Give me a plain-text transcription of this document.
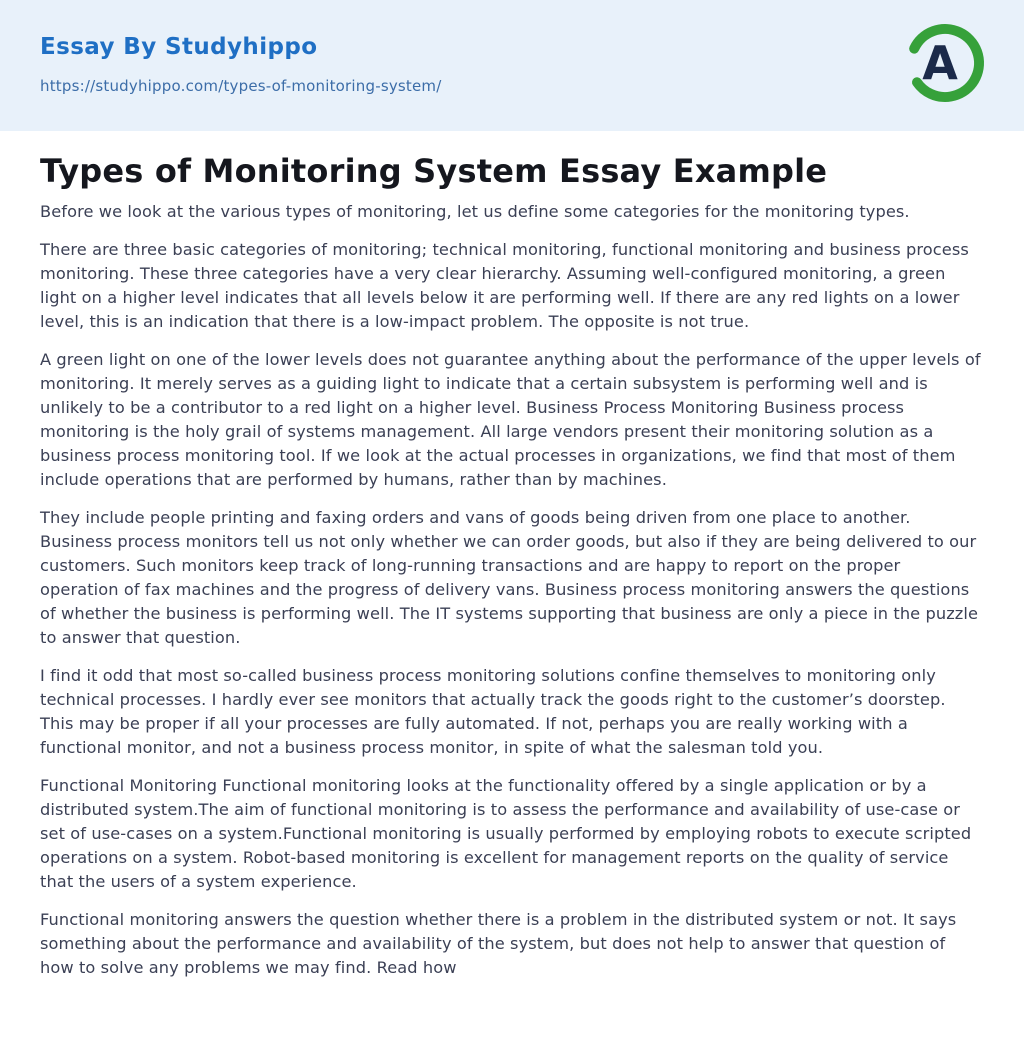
Essay By Studyhippo
https://studyhippo.com/types-of-monitoring-system/	A
Types of Monitoring System Essay Example

Before we look at the various types of monitoring, let us define some categories for the monitoring types.

There are three basic categories of monitoring; technical monitoring, functional monitoring and business process monitoring. These three categories have a very clear hierarchy. Assuming well-configured monitoring, a green light on a higher level indicates that all levels below it are performing well. If there are any red lights on a lower level, this is an indication that there is a low-impact problem. The opposite is not true.

A green light on one of the lower levels does not guarantee anything about the performance of the upper levels of monitoring. It merely serves as a guiding light to indicate that a certain subsystem is performing well and is unlikely to be a contributor to a red light on a higher level. Business Process Monitoring Business process monitoring is the holy grail of systems management. All large vendors present their monitoring solution as a business process monitoring tool. If we look at the actual processes in organizations, we find that most of them include operations that are performed by humans, rather than by machines.

They include people printing and faxing orders and vans of goods being driven from one place to another. Business process monitors tell us not only whether we can order goods, but also if they are being delivered to our customers. Such monitors keep track of long-running transactions and are happy to report on the proper operation of fax machines and the progress of delivery vans. Business process monitoring answers the questions of whether the business is performing well. The IT systems supporting that business are only a piece in the puzzle to answer that question.

I find it odd that most so-called business process monitoring solutions confine themselves to monitoring only technical processes. I hardly ever see monitors that actually track the goods right to the customer’s doorstep. This may be proper if all your processes are fully automated. If not, perhaps you are really working with a functional monitor, and not a business process monitor, in spite of what the salesman told you.

Functional Monitoring Functional monitoring looks at the functionality offered by a single application or by a distributed system.The aim of functional monitoring is to assess the performance and availability of use-case or set of use-cases on a system.Functional monitoring is usually performed by employing robots to execute scripted operations on a system. Robot-based monitoring is excellent for management reports on the quality of service that the users of a system experience.

Functional monitoring answers the question whether there is a problem in the distributed system or not. It says something about the performance and availability of the system, but does not help to answer that question of how to solve any problems we may find. Read how
